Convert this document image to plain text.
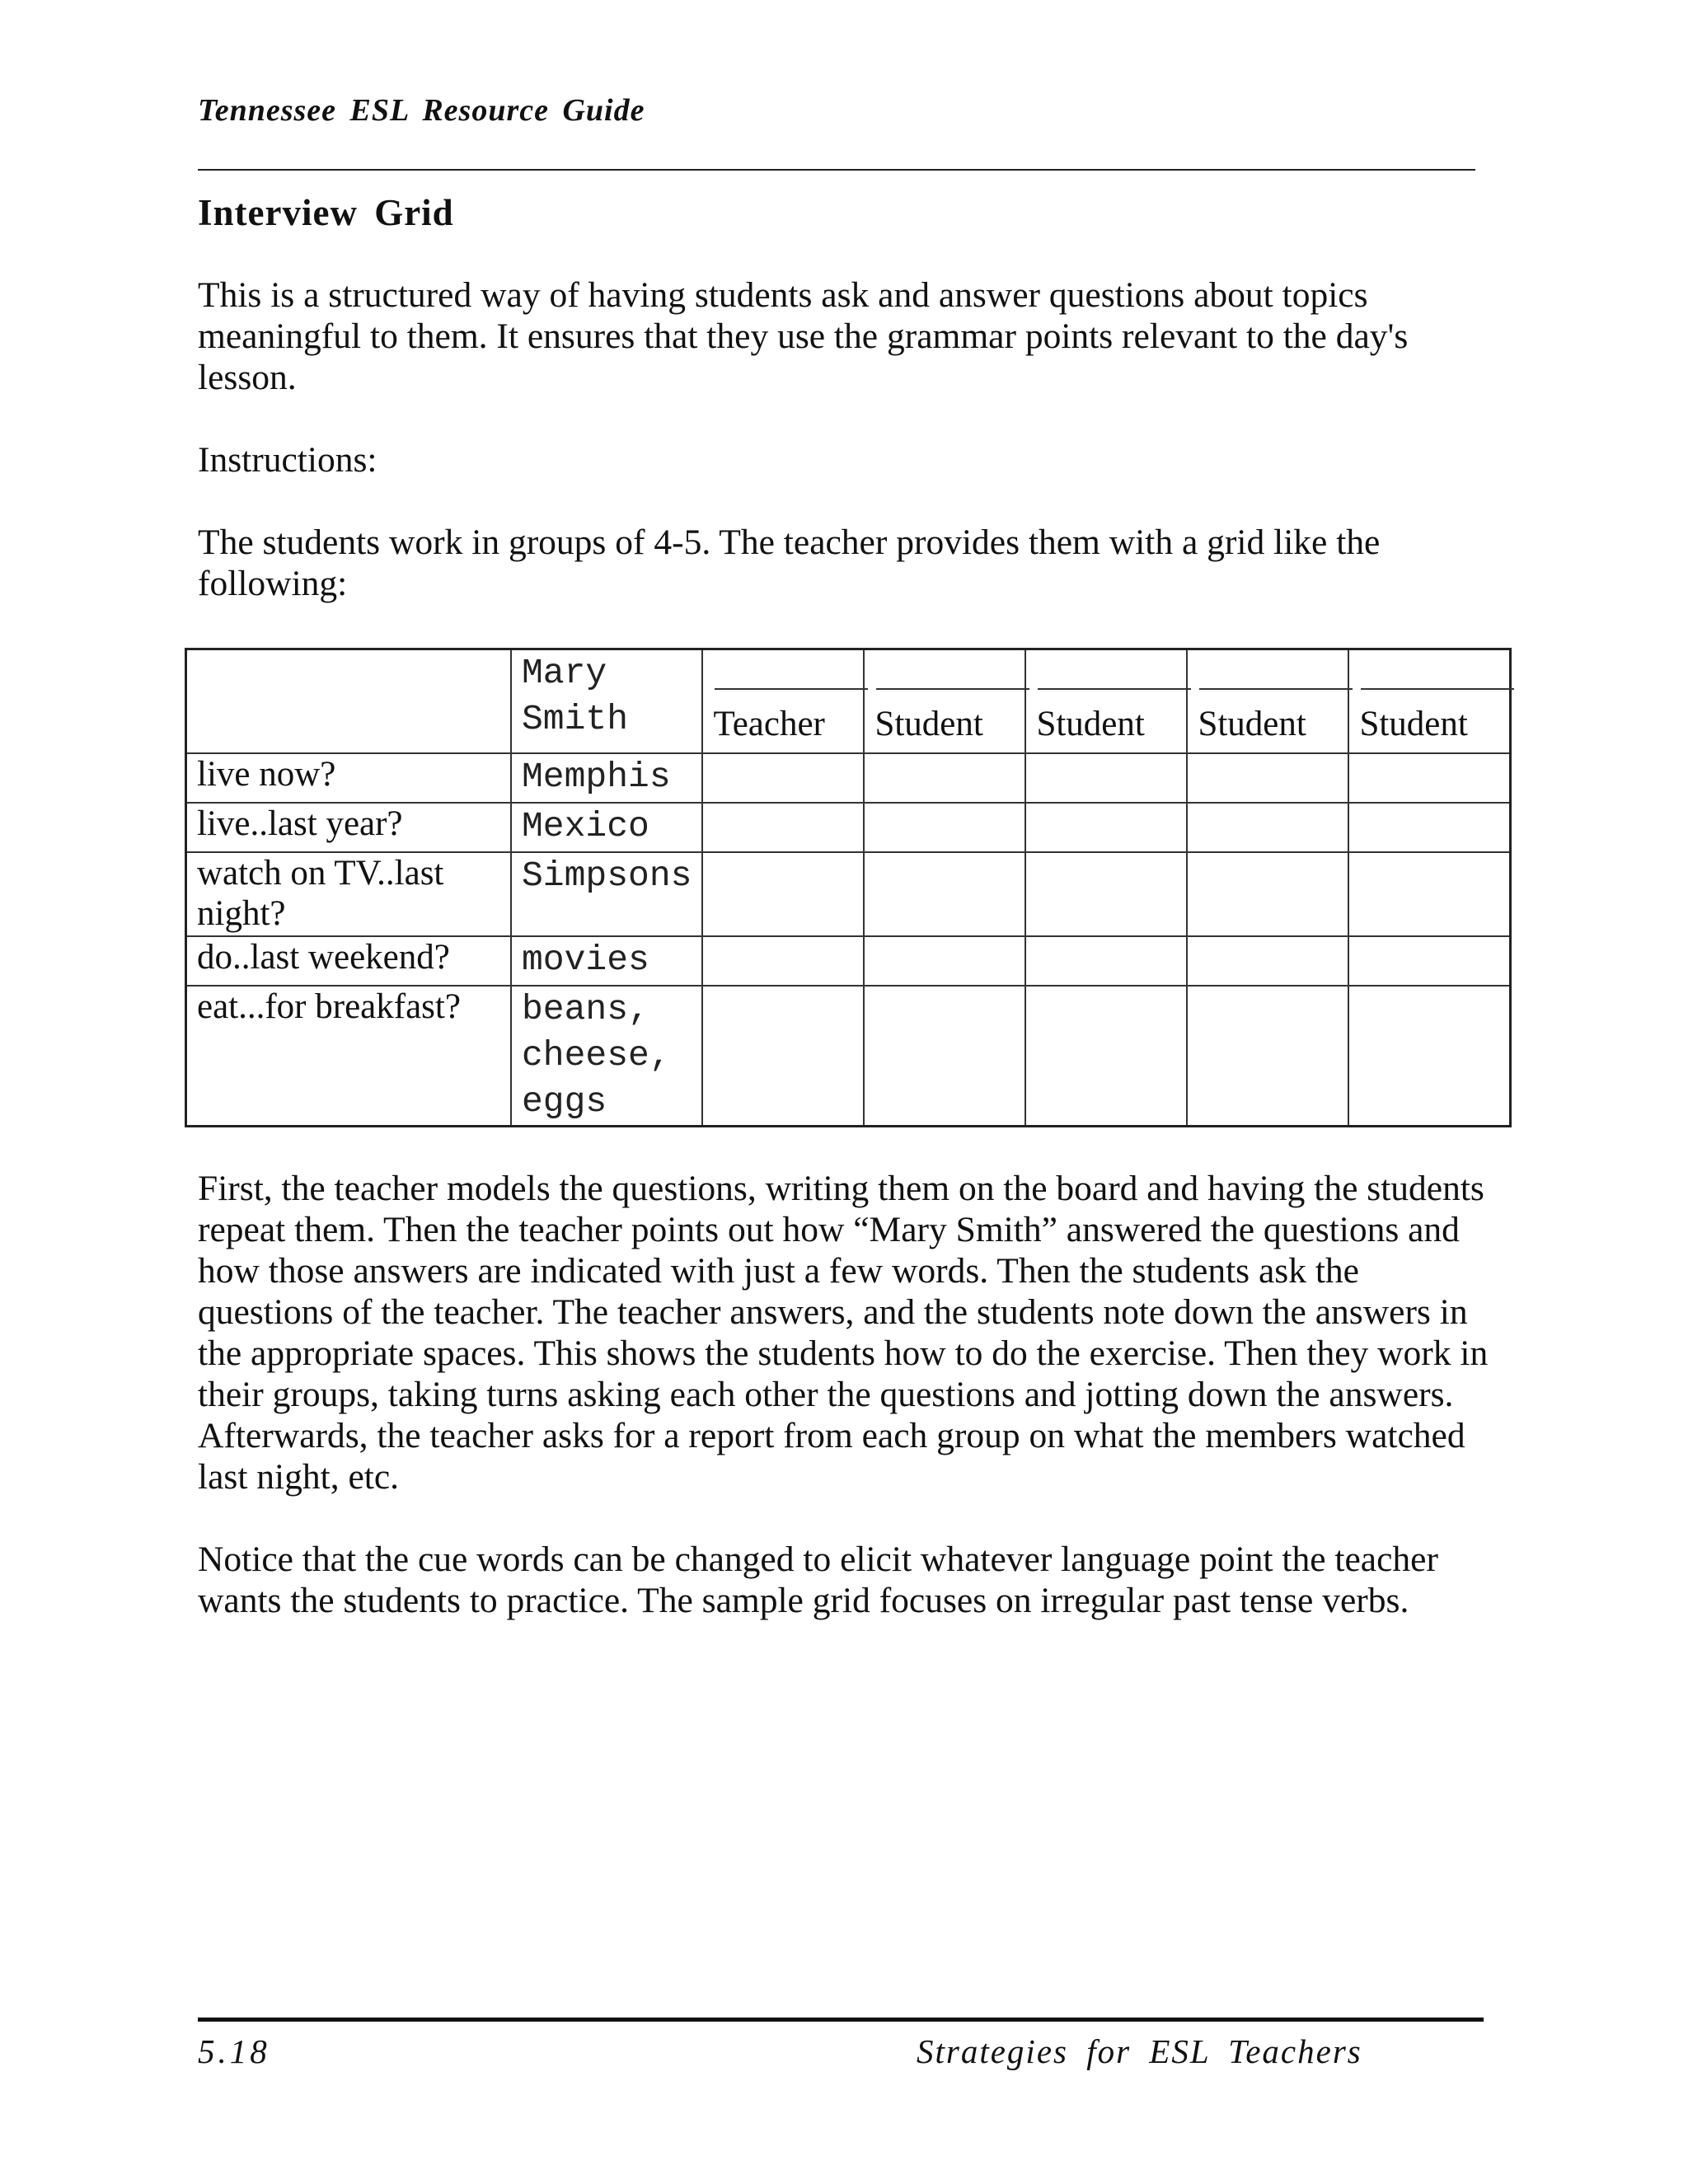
Tennessee ESL Resource Guide
Interview Grid

This is a structured way of having students ask and answer questions about topics meaningful to them. It ensures that they use the grammar points relevant to the day's lesson.

Instructions:

The students work in groups of 4-5. The teacher provides them with a grid like the following:

	Mary Smith	Teacher	Student	Student	Student	Student
live now?	Memphis					
live..last year?	Mexico					
watch on TV..last night?	Simpsons					
do..last weekend?	movies					
eat...for breakfast?	beans, cheese, eggs					

First, the teacher models the questions, writing them on the board and having the students repeat them. Then the teacher points out how “Mary Smith” answered the questions and how those answers are indicated with just a few words. Then the students ask the questions of the teacher. The teacher answers, and the students note down the answers in the appropriate spaces. This shows the students how to do the exercise. Then they work in their groups, taking turns asking each other the questions and jotting down the answers. Afterwards, the teacher asks for a report from each group on what the members watched last night, etc.

Notice that the cue words can be changed to elicit whatever language point the teacher wants the students to practice. The sample grid focuses on irregular past tense verbs.

5.18	Strategies for ESL Teachers
